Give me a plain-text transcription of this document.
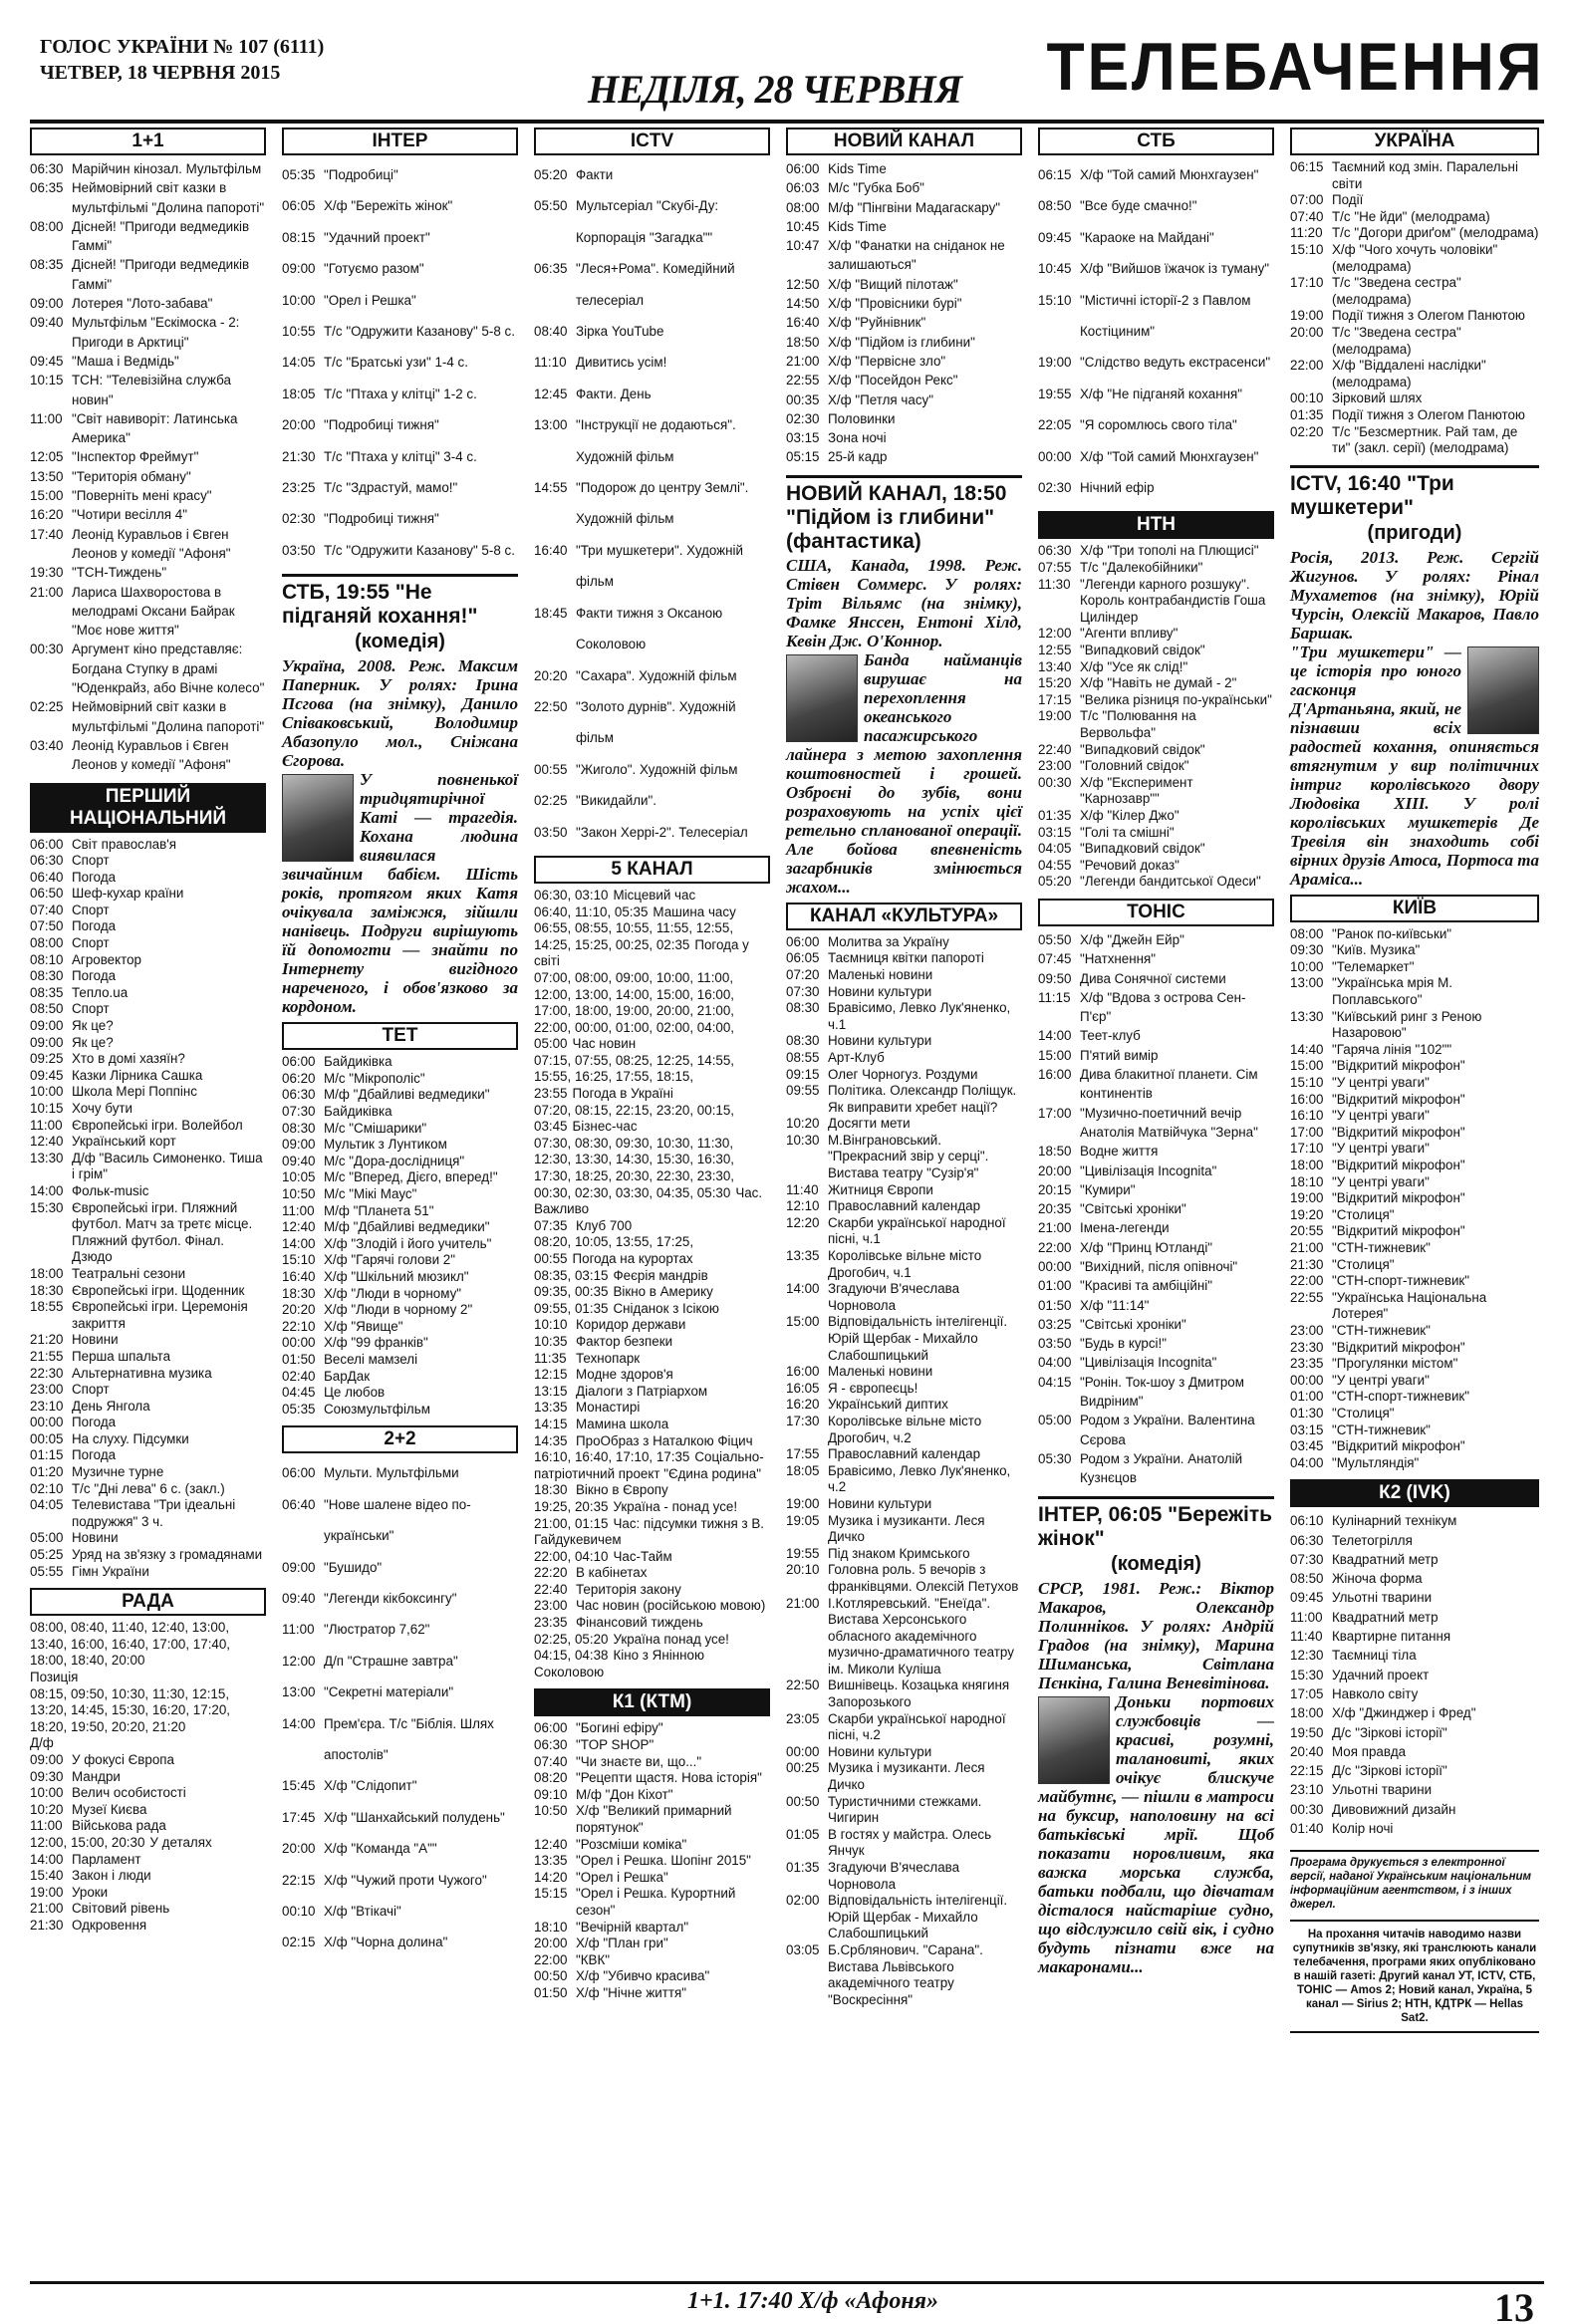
ГОЛОС УКРАЇНИ № 107 (6111)
ЧЕТВЕР, 18 ЧЕРВНЯ 2015	НЕДІЛЯ, 28 ЧЕРВНЯ ТЕЛЕБАЧЕННЯ
1+1
06:30 Марійчин кінозал. Мультфільм
06:35 Неймовірний світ казки в мультфільмі "Долина папороті"
08:00 Дісней! "Пригоди ведмедиків Гаммі"
08:35 Дісней! "Пригоди ведмедиків Гаммі"
09:00 Лотерея "Лото-забава"
09:40 Мультфільм "Ескімоска - 2: Пригоди в Арктиці"
09:45 "Маша і Ведмідь"
10:15 ТСН: "Телевізійна служба новин"
11:00 "Світ навиворіт: Латинська Америка"
12:05 "Інспектор Фреймут"
13:50 "Територія обману"
15:00 "Поверніть мені красу"
16:20 "Чотири весілля 4"
17:40 Леонід Куравльов і Євген Леонов у комедії "Афоня"
19:30 "ТСН-Тиждень"
21:00 Лариса Шахворостова в мелодрамі Оксани Байрак "Моє нове життя"
00:30 Аргумент кіно представляє: Богдана Ступку в драмі "Юденкрайз, або Вічне колесо"
02:25 Неймовірний світ казки в мультфільмі "Долина папороті"
03:40 Леонід Куравльов і Євген Леонов у комедії "Афоня"
ПЕРШИЙ НАЦІОНАЛЬНИЙ
06:00 Світ православ'я
06:30 Спорт
06:40 Погода
06:50 Шеф-кухар країни
07:40 Спорт
07:50 Погода
08:00 Спорт
08:10 Агровектор
08:30 Погода
08:35 Тепло.ua
08:50 Спорт
09:00 Як це?
09:00 Як це?
09:25 Хто в домі хазяїн?
09:45 Казки Лірника Сашка
10:00 Школа Мері Поппінс
10:15 Хочу бути
11:00 Європейські ігри. Волейбол
12:40 Український корт
13:30 Д/ф "Василь Симоненко. Тиша і грім"
14:00 Фольк-music
15:30 Європейські ігри. Пляжний футбол. Матч за третє місце. Пляжний футбол. Фінал. Дзюдо
18:00 Театральні сезони
18:30 Європейські ігри. Щоденник
18:55 Європейські ігри. Церемонія закриття
21:20 Новини
21:55 Перша шпальта
22:30 Альтернативна музика
23:00 Спорт
23:10 День Янгола
00:00 Погода
00:05 На слуху. Підсумки
01:15 Погода
01:20 Музичне турне
02:10 Т/с "Дні лева" 6 с. (закл.)
04:05 Телевистава "Три ідеальні подружжя" 3 ч.
05:00 Новини
05:25 Уряд на зв'язку з громадянами
05:55 Гімн України
РАДА
08:00, 08:40, 11:40, 12:40, 13:00, 13:40, 16:00, 16:40, 17:00, 17:40, 18:00, 18:40, 20:00
Позиція
08:15, 09:50, 10:30, 11:30, 12:15, 13:20, 14:45, 15:30, 16:20, 17:20, 18:20, 19:50, 20:20, 21:20
Д/ф
09:00 У фокусі Європа
09:30 Мандри
10:00 Велич особистості
10:20 Музеї Києва
11:00 Військова рада
12:00, 15:00, 20:30 У деталях
14:00 Парламент
15:40 Закон і люди
19:00 Уроки
21:00 Світовий рівень
21:30 Одкровення
ІНТЕР
05:35 "Подробиці"
06:05 Х/ф "Бережіть жінок"
08:15 "Удачний проект"
09:00 "Готуємо разом"
10:00 "Орел і Решка"
10:55 Т/с "Одружити Казанову" 5-8 с.
14:05 Т/с "Братські узи" 1-4 с.
18:05 Т/с "Птаха у клітці" 1-2 с.
20:00 "Подробиці тижня"
21:30 Т/с "Птаха у клітці" 3-4 с.
23:25 Т/с "Здрастуй, мамо!"
02:30 "Подробиці тижня"
03:50 Т/с "Одружити Казанову" 5-8 с.
СТБ, 19:55 "Не підганяй кохання!"
(комедія)
Україна, 2008. Реж. Максим Паперник. У ролях: Ірина Псгова (на знімку), Данило Співаковський, Володимир Абазопуло мол., Сніжана Єгорова.
У повненької тридцятирічної Каті — трагедія. Кохана людина виявилася звичайним бабієм. Шість років, протягом яких Катя очікувала заміжжя, зійшли нанівець. Подруги вирішують їй допомогти — знайти по Інтернету вигідного нареченого, і обов'язково за кордоном.
ТЕТ
06:00 Байдиківка
06:20 М/с "Мікрополіс"
06:30 М/ф "Дбайливі ведмедики"
07:30 Байдиківка
08:30 М/с "Смішарики"
09:00 Мультик з Лунтиком
09:40 М/с "Дора-дослідниця"
10:05 М/с "Вперед, Дієго, вперед!"
10:50 М/с "Мікі Маус"
11:00 М/ф "Планета 51"
12:40 М/ф "Дбайливі ведмедики"
14:00 Х/ф "Злодій і його учитель"
15:10 Х/ф "Гарячі голови 2"
16:40 Х/ф "Шкільний мюзикл"
18:30 Х/ф "Люди в чорному"
20:20 Х/ф "Люди в чорному 2"
22:10 Х/ф "Явище"
00:00 Х/ф "99 франків"
01:50 Веселі мамзелі
02:40 БарДак
04:45 Це любов
05:35 Союзмультфільм
2+2
06:00 Мульти. Мультфільми
06:40 "Нове шалене відео по-українськи"
09:00 "Бушидо"
09:40 "Легенди кікбоксингу"
11:00 "Люстратор 7,62"
12:00 Д/п "Страшне завтра"
13:00 "Секретні матеріали"
14:00 Прем'єра. Т/с "Біблія. Шлях апостолів"
15:45 Х/ф "Слідопит"
17:45 Х/ф "Шанхайський полудень"
20:00 Х/ф "Команда "А""
22:15 Х/ф "Чужий проти Чужого"
00:10 Х/ф "Втікачі"
02:15 Х/ф "Чорна долина"
ICTV
05:20 Факти
05:50 Мультсеріал "Скубі-Ду: Корпорація "Загадка""
06:35 "Леся+Рома". Комедійний телесеріал
08:40 Зірка YouTube
11:10 Дивитись усім!
12:45 Факти. День
13:00 "Інструкції не додаються". Художній фільм
14:55 "Подорож до центру Землі". Художній фільм
16:40 "Три мушкетери". Художній фільм
18:45 Факти тижня з Оксаною Соколовою
20:20 "Сахара". Художній фільм
22:50 "Золото дурнів". Художній фільм
00:55 "Жиголо". Художній фільм
02:25 "Викидайли".
03:50 "Закон Херрі-2". Телесеріал
5 КАНАЛ
06:30, 03:10 Місцевий час
06:40, 11:10, 05:35 Машина часу
06:55, 08:55, 10:55, 11:55, 12:55, 14:25, 15:25, 00:25, 02:35 Погода у світі
07:00, 08:00, 09:00, 10:00, 11:00, 12:00, 13:00, 14:00, 15:00, 16:00, 17:00, 18:00, 19:00, 20:00, 21:00, 22:00, 00:00, 01:00, 02:00, 04:00, 05:00 Час новин
07:15, 07:55, 08:25, 12:25, 14:55, 15:55, 16:25, 17:55, 18:15, 23:55 Погода в Україні
07:20, 08:15, 22:15, 23:20, 00:15, 03:45 Бізнес-час
07:30, 08:30, 09:30, 10:30, 11:30, 12:30, 13:30, 14:30, 15:30, 16:30, 17:30, 18:25, 20:30, 22:30, 23:30, 00:30, 02:30, 03:30, 04:35, 05:30 Час. Важливо
07:35 Клуб 700
08:20, 10:05, 13:55, 17:25, 00:55 Погода на курортах
08:35, 03:15 Феєрія мандрів
09:35, 00:35 Вікно в Америку
09:55, 01:35 Сніданок з Ісікою
10:10 Коридор держави
10:35 Фактор безпеки
11:35 Технопарк
12:15 Модне здоров'я
13:15 Діалоги з Патріархом
13:35 Монастирі
14:15 Мамина школа
14:35 ПроОбраз з Наталкою Фіцич
16:10, 16:40, 17:10, 17:35 Соціально-патріотичний проект "Єдина родина"
18:30 Вікно в Європу
19:25, 20:35 Україна - понад усе!
21:00, 01:15 Час: підсумки тижня з В. Гайдукевичем
22:00, 04:10 Час-Тайм
22:20 В кабінетах
22:40 Територія закону
23:00 Час новин (російською мовою)
23:35 Фінансовий тиждень
02:25, 05:20 Україна понад усе!
04:15, 04:38 Кіно з Янінною Соколовою
К1 (КТМ)
06:00 "Богині ефіру"
06:30 "TOP SHOP"
07:40 "Чи знаєте ви, що..."
08:20 "Рецепти щастя. Нова історія"
09:10 М/ф "Дон Кіхот"
10:50 Х/ф "Великий примарний порятунок"
12:40 "Розсміши коміка"
13:35 "Орел і Решка. Шопінг 2015"
14:20 "Орел і Решка"
15:15 "Орел і Решка. Курортний сезон"
18:10 "Вечірній квартал"
20:00 Х/ф "План гри"
22:00 "КВК"
00:50 Х/ф "Убивчо красива"
01:50 Х/ф "Нічне життя"
НОВИЙ КАНАЛ
06:00 Kids Time
06:03 М/с "Губка Боб"
08:00 М/ф "Пінгвіни Мадагаскару"
10:45 Kids Time
10:47 Х/ф "Фанатки на сніданок не залишаються"
12:50 Х/ф "Вищий пілотаж"
14:50 Х/ф "Провісники бурі"
16:40 Х/ф "Руйнівник"
18:50 Х/ф "Підйом із глибини"
21:00 Х/ф "Первісне зло"
22:55 Х/ф "Посейдон Рекс"
00:35 Х/ф "Петля часу"
02:30 Половинки
03:15 Зона ночі
05:15 25-й кадр
НОВИЙ КАНАЛ, 18:50 "Підйом із глибини" (фантастика)
США, Канада, 1998. Реж. Стівен Соммерс. У ролях: Тріт Вільямс (на знімку), Фамке Янссен, Ентоні Хілд, Кевін Дж. О'Коннор.
Банда найманців вирушає на перехоплення океанського пасажирського лайнера з метою захоплення коштовностей і грошей. Озброєні до зубів, вони розраховують на успіх цієї ретельно спланованої операції. Але бойова впевненість загарбників змінюється жахом...
КАНАЛ «КУЛЬТУРА»
06:00 Молитва за Україну
06:05 Таємниця квітки папороті
07:20 Маленькі новини
07:30 Новини культури
08:30 Бравісимо, Левко Лук'яненко, ч.1
08:30 Новини культури
08:55 Арт-Клуб
09:15 Олег Чорногуз. Роздуми
09:55 Політика. Олександр Поліщук. Як виправити хребет нації?
10:20 Досягти мети
10:30 М.Вінграновський. "Прекрасний звір у серці". Вистава театру "Сузір'я"
11:40 Житниця Європи
12:10 Православний календар
12:20 Скарби української народної пісні, ч.1
13:35 Королівське вільне місто Дрогобич, ч.1
14:00 Згадуючи В'ячеслава Чорновола
15:00 Відповідальність інтелігенції. Юрій Щербак - Михайло Слабошпицький
16:00 Маленькі новини
16:05 Я - європеєць!
16:20 Український диптих
17:30 Королівське вільне місто Дрогобич, ч.2
17:55 Православний календар
18:05 Бравісимо, Левко Лук'яненко, ч.2
19:00 Новини культури
19:05 Музика і музиканти. Леся Дичко
19:55 Під знаком Кримського
20:10 Головна роль. 5 вечорів з франківцями. Олексій Петухов
21:00 І.Котляревський. "Енеїда". Вистава Херсонського обласного академічного музично-драматичного театру ім. Миколи Куліша
22:50 Вишнівець. Козацька княгиня Запорозького
23:05 Скарби української народної пісні, ч.2
00:00 Новини культури
00:25 Музика і музиканти. Леся Дичко
00:50 Туристичними стежками. Чигирин
01:05 В гостях у майстра. Олесь Янчук
01:35 Згадуючи В'ячеслава Чорновола
02:00 Відповідальність інтелігенції. Юрій Щербак - Михайло Слабошпицький
03:05 Б.Срблянович. "Сарана". Вистава Львівського академічного театру "Воскресіння"
СТБ
06:15 Х/ф "Той самий Мюнхгаузен"
08:50 "Все буде смачно!"
09:45 "Караоке на Майдані"
10:45 Х/ф "Вийшов їжачок із туману"
15:10 "Містичні історії-2 з Павлом Костіциним"
19:00 "Слідство ведуть екстрасенси"
19:55 Х/ф "Не підганяй кохання"
22:05 "Я соромлюсь свого тіла"
00:00 Х/ф "Той самий Мюнхгаузен"
02:30 Нічний ефір
НТН
06:30 Х/ф "Три тополі на Плющисі"
07:55 Т/с "Далекобійники"
11:30 "Легенди карного розшуку". Король контрабандистів Гоша Циліндер
12:00 "Агенти впливу"
12:55 "Випадковий свідок"
13:40 Х/ф "Усе як слід!"
15:20 Х/ф "Навіть не думай - 2"
17:15 "Велика різниця по-українськи"
19:00 Т/с "Полювання на Вервольфа"
22:40 "Випадковий свідок"
23:00 "Головний свідок"
00:30 Х/ф "Експеримент "Карнозавр""
01:35 Х/ф "Кілер Джо"
03:15 "Голі та смішні"
04:05 "Випадковий свідок"
04:55 "Речовий доказ"
05:20 "Легенди бандитської Одеси"
ТОНІС
05:50 Х/ф "Джейн Ейр"
07:45 "Натхнення"
09:50 Дива Сонячної системи
11:15 Х/ф "Вдова з острова Сен-П'єр"
14:00 Теет-клуб
15:00 П'ятий вимір
16:00 Дива блакитної планети. Сім континентів
17:00 "Музично-поетичний вечір Анатолія Матвійчука "Зерна"
18:50 Водне життя
20:00 "Цивілізація Incognita"
20:15 "Кумири"
20:35 "Світські хроніки"
21:00 Імена-легенди
22:00 Х/ф "Принц Ютланді"
00:00 "Вихідний, після опівночі"
01:00 "Красиві та амбіційні"
01:50 Х/ф "11:14"
03:25 "Світські хроніки"
03:50 "Будь в курсі!"
04:00 "Цивілізація Incognita"
04:15 "Ронін. Ток-шоу з Дмитром Видріним"
05:00 Родом з України. Валентина Сєрова
05:30 Родом з України. Анатолій Кузнєцов
ІНТЕР, 06:05 "Бережіть жінок"
(комедія)
СРСР, 1981. Реж.: Віктор Макаров, Олександр Полинніков. У ролях: Андрій Градов (на знімку), Марина Шиманська, Світлана Пєнкіна, Галина Веневітінова.
Доньки портових службовців — красиві, розумні, талановиті, яких очікує блискуче майбутнє, — пішли в матроси на буксир, наполовину на всі батьківські мрії. Щоб показати норовливим, яка важка морська служба, батьки подбали, що дівчатам дісталося найстаріше судно, що відслужило свій вік, і судно будуть пізнати вже на макаронами...
УКРАЇНА
06:15 Таємний код змін. Паралельні світи
07:00 Події
07:40 Т/с "Не йди" (мелодрама)
11:20 Т/с "Догори дриґом" (мелодрама)
15:10 Х/ф "Чого хочуть чоловіки" (мелодрама)
17:10 Т/с "Зведена сестра" (мелодрама)
19:00 Події тижня з Олегом Панютою
20:00 Т/с "Зведена сестра" (мелодрама)
22:00 Х/ф "Віддалені наслідки" (мелодрама)
00:10 Зірковий шлях
01:35 Події тижня з Олегом Панютою
02:20 Т/с "Безсмертник. Рай там, де ти" (закл. серії) (мелодрама)
ICTV, 16:40 "Три мушкетери"
(пригоди)
Росія, 2013. Реж. Сергій Жигунов. У ролях: Рінал Мухаметов (на знімку), Юрій Чурсін, Олексій Макаров, Павло Баршак.
"Три мушкетери" — це історія про юного гасконця Д'Артаньяна, який, не пізнавши всіх радостей кохання, опиняється втягнутим у вир політичних інтриг королівського двору Людовіка XIII. У ролі королівських мушкетерів Де Тревіля він знаходить собі вірних друзів Атоса, Портоса та Араміса...
КИЇВ
08:00 "Ранок по-київськи"
09:30 "Київ. Музика"
10:00 "Телемаркет"
13:00 "Українська мрія М. Поплавського"
13:30 "Київський ринг з Реною Назаровою"
14:40 "Гаряча лінія "102""
15:00 "Відкритий мікрофон"
15:10 "У центрі уваги"
16:00 "Відкритий мікрофон"
16:10 "У центрі уваги"
17:00 "Відкритий мікрофон"
17:10 "У центрі уваги"
18:00 "Відкритий мікрофон"
18:10 "У центрі уваги"
19:00 "Відкритий мікрофон"
19:20 "Столиця"
20:55 "Відкритий мікрофон"
21:00 "СТН-тижневик"
21:30 "Столиця"
22:00 "СТН-спорт-тижневик"
22:55 "Українська Національна Лотерея"
23:00 "СТН-тижневик"
23:30 "Відкритий мікрофон"
23:35 "Прогулянки містом"
00:00 "У центрі уваги"
01:00 "СТН-спорт-тижневик"
01:30 "Столиця"
03:15 "СТН-тижневик"
03:45 "Відкритий мікрофон"
04:00 "Мультляндія"
К2 (IVK)
06:10 Кулінарний технікум
06:30 Телетогрілля
07:30 Квадратний метр
08:50 Жіноча форма
09:45 Ульотні тварини
11:00 Квадратний метр
11:40 Квартирне питання
12:30 Таємниці тіла
15:30 Удачний проект
17:05 Навколо світу
18:00 Х/ф "Джинджер і Фред"
19:50 Д/с "Зіркові історії"
20:40 Моя правда
22:15 Д/с "Зіркові історії"
23:10 Ульотні тварини
00:30 Дивовижний дизайн
01:40 Колір ночі
Програма друкується з електронної версії, наданої Українським національним інформаційним агентством, і з інших джерел.
На прохання читачів наводимо назви супутників зв'язку, які транслюють канали телебачення, програми яких опубліковано в нашій газеті: Другий канал УТ, ICTV, СТБ, ТОНІС — Amos 2; Новий канал, Україна, 5 канал — Sirius 2; НТН, КДТРК — Hellas Sat2.
1+1. 17:40 Х/ф «Афоня»	13
